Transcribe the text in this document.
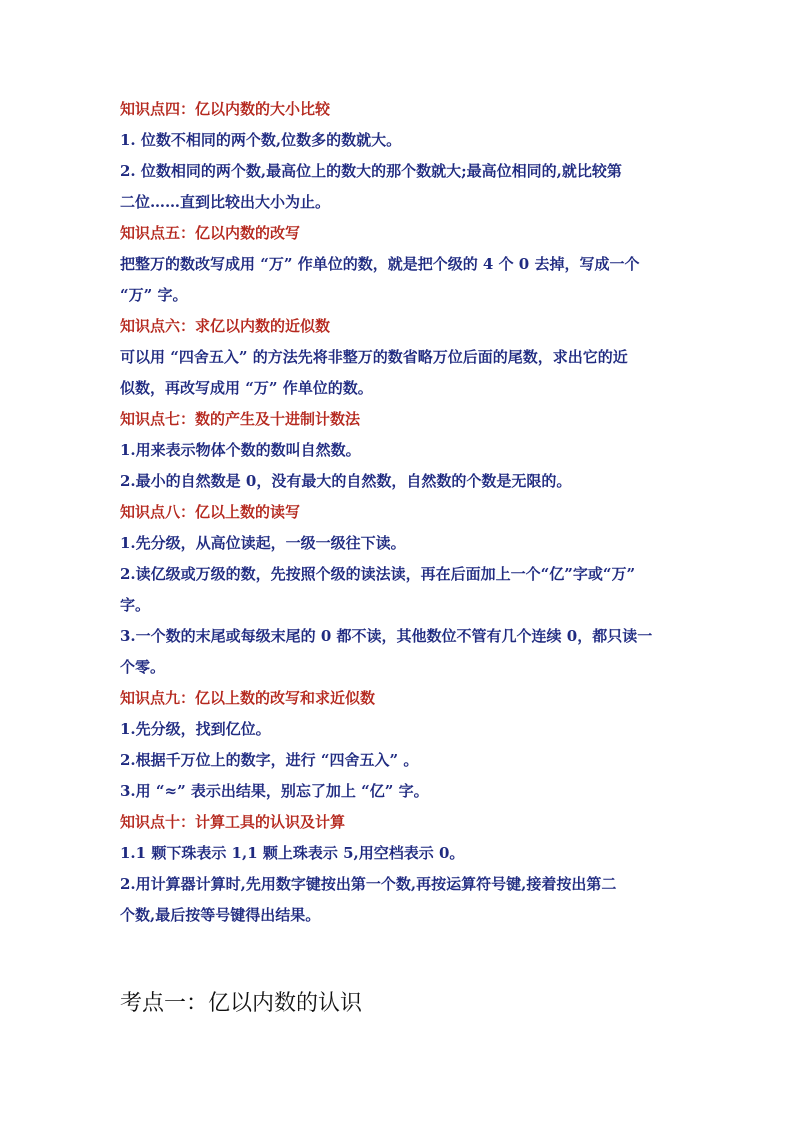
知识点四：亿以内数的大小比较
1. 位数不相同的两个数,位数多的数就大。
2. 位数相同的两个数,最高位上的数大的那个数就大;最高位相同的,就比较第
二位……直到比较出大小为止。
知识点五：亿以内数的改写
把整万的数改写成用 “万” 作单位的数，就是把个级的 4 个 0 去掉，写成一个
“万” 字。
知识点六：求亿以内数的近似数
可以用 “四舍五入” 的方法先将非整万的数省略万位后面的尾数，求出它的近
似数，再改写成用 “万” 作单位的数。
知识点七：数的产生及十进制计数法
1.用来表示物体个数的数叫自然数。
2.最小的自然数是 0，没有最大的自然数，自然数的个数是无限的。
知识点八：亿以上数的读写
1.先分级，从高位读起，一级一级往下读。
2.读亿级或万级的数，先按照个级的读法读，再在后面加上一个“亿”字或“万”
字。
3.一个数的末尾或每级末尾的 0 都不读，其他数位不管有几个连续 0，都只读一
个零。
知识点九：亿以上数的改写和求近似数
1.先分级，找到亿位。
2.根据千万位上的数字，进行 “四舍五入” 。
3.用 “≈” 表示出结果，别忘了加上 “亿” 字。
知识点十：计算工具的认识及计算
1.1 颗下珠表示 1,1 颗上珠表示 5,用空档表示 0。
2.用计算器计算时,先用数字键按出第一个数,再按运算符号键,接着按出第二
个数,最后按等号键得出结果。
考点一：亿以内数的认识
